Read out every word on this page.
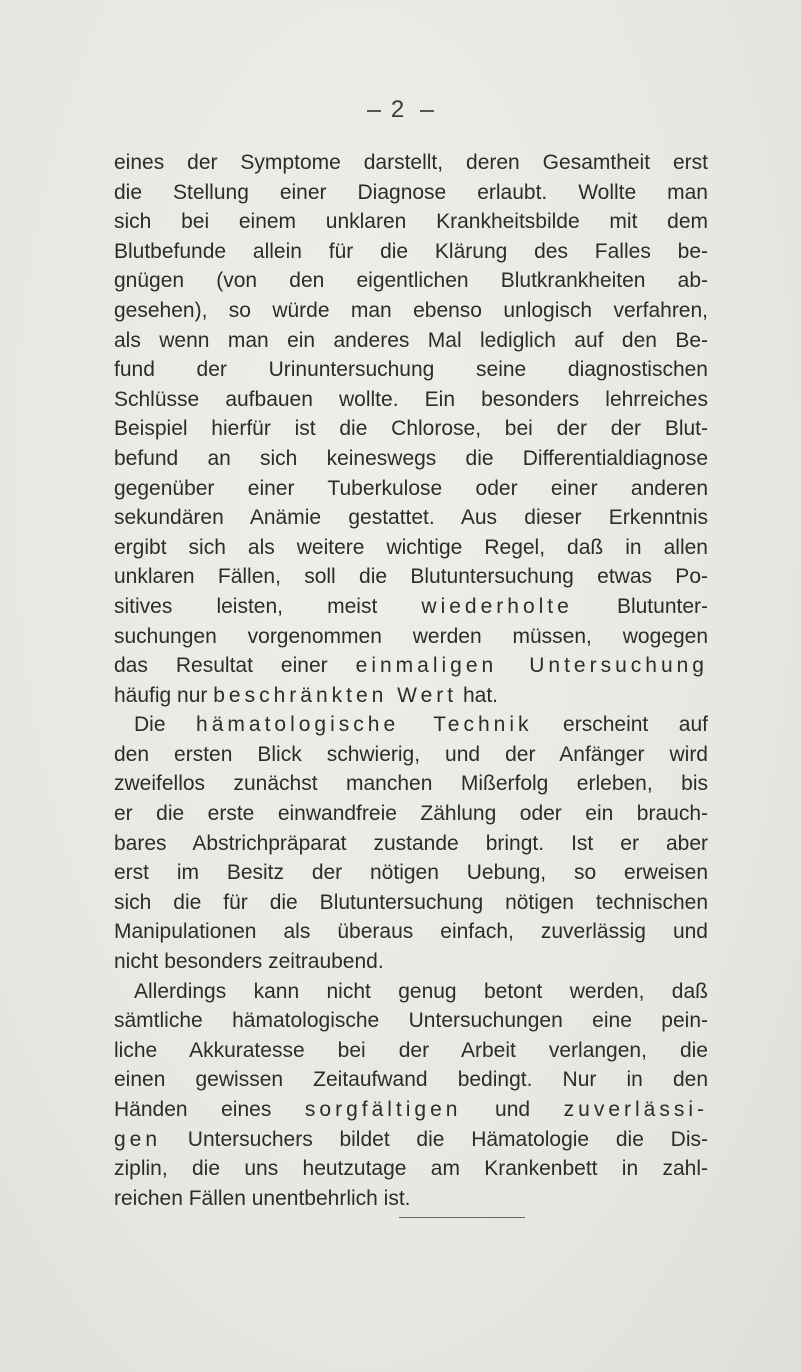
2
eines der Symptome darstellt, deren Gesamtheit erst
die Stellung einer Diagnose erlaubt. Wollte man
sich bei einem unklaren Krankheitsbilde mit dem
Blutbefunde allein für die Klärung des Falles be-
gnügen (von den eigentlichen Blutkrankheiten ab-
gesehen), so würde man ebenso unlogisch verfahren,
als wenn man ein anderes Mal lediglich auf den Be-
fund der Urinuntersuchung seine diagnostischen
Schlüsse aufbauen wollte. Ein besonders lehrreiches
Beispiel hierfür ist die Chlorose, bei der der Blut-
befund an sich keineswegs die Differentialdiagnose
gegenüber einer Tuberkulose oder einer anderen
sekundären Anämie gestattet. Aus dieser Erkenntnis
ergibt sich als weitere wichtige Regel, daß in allen
unklaren Fällen, soll die Blutuntersuchung etwas Po-
sitives leisten, meist wiederholte Blutunter-
suchungen vorgenommen werden müssen, wogegen
das Resultat einer einmaligen Untersuchung
häufig nur beschränkten Wert hat.
Die hämatologische Technik erscheint auf
den ersten Blick schwierig, und der Anfänger wird
zweifellos zunächst manchen Mißerfolg erleben, bis
er die erste einwandfreie Zählung oder ein brauch-
bares Abstrichpräparat zustande bringt. Ist er aber
erst im Besitz der nötigen Uebung, so erweisen
sich die für die Blutuntersuchung nötigen technischen
Manipulationen als überaus einfach, zuverlässig und
nicht besonders zeitraubend.
Allerdings kann nicht genug betont werden, daß
sämtliche hämatologische Untersuchungen eine pein-
liche Akkuratesse bei der Arbeit verlangen, die
einen gewissen Zeitaufwand bedingt. Nur in den
Händen eines sorgfältigen und zuverlässi-
gen Untersuchers bildet die Hämatologie die Dis-
ziplin, die uns heutzutage am Krankenbett in zahl-
reichen Fällen unentbehrlich ist.
